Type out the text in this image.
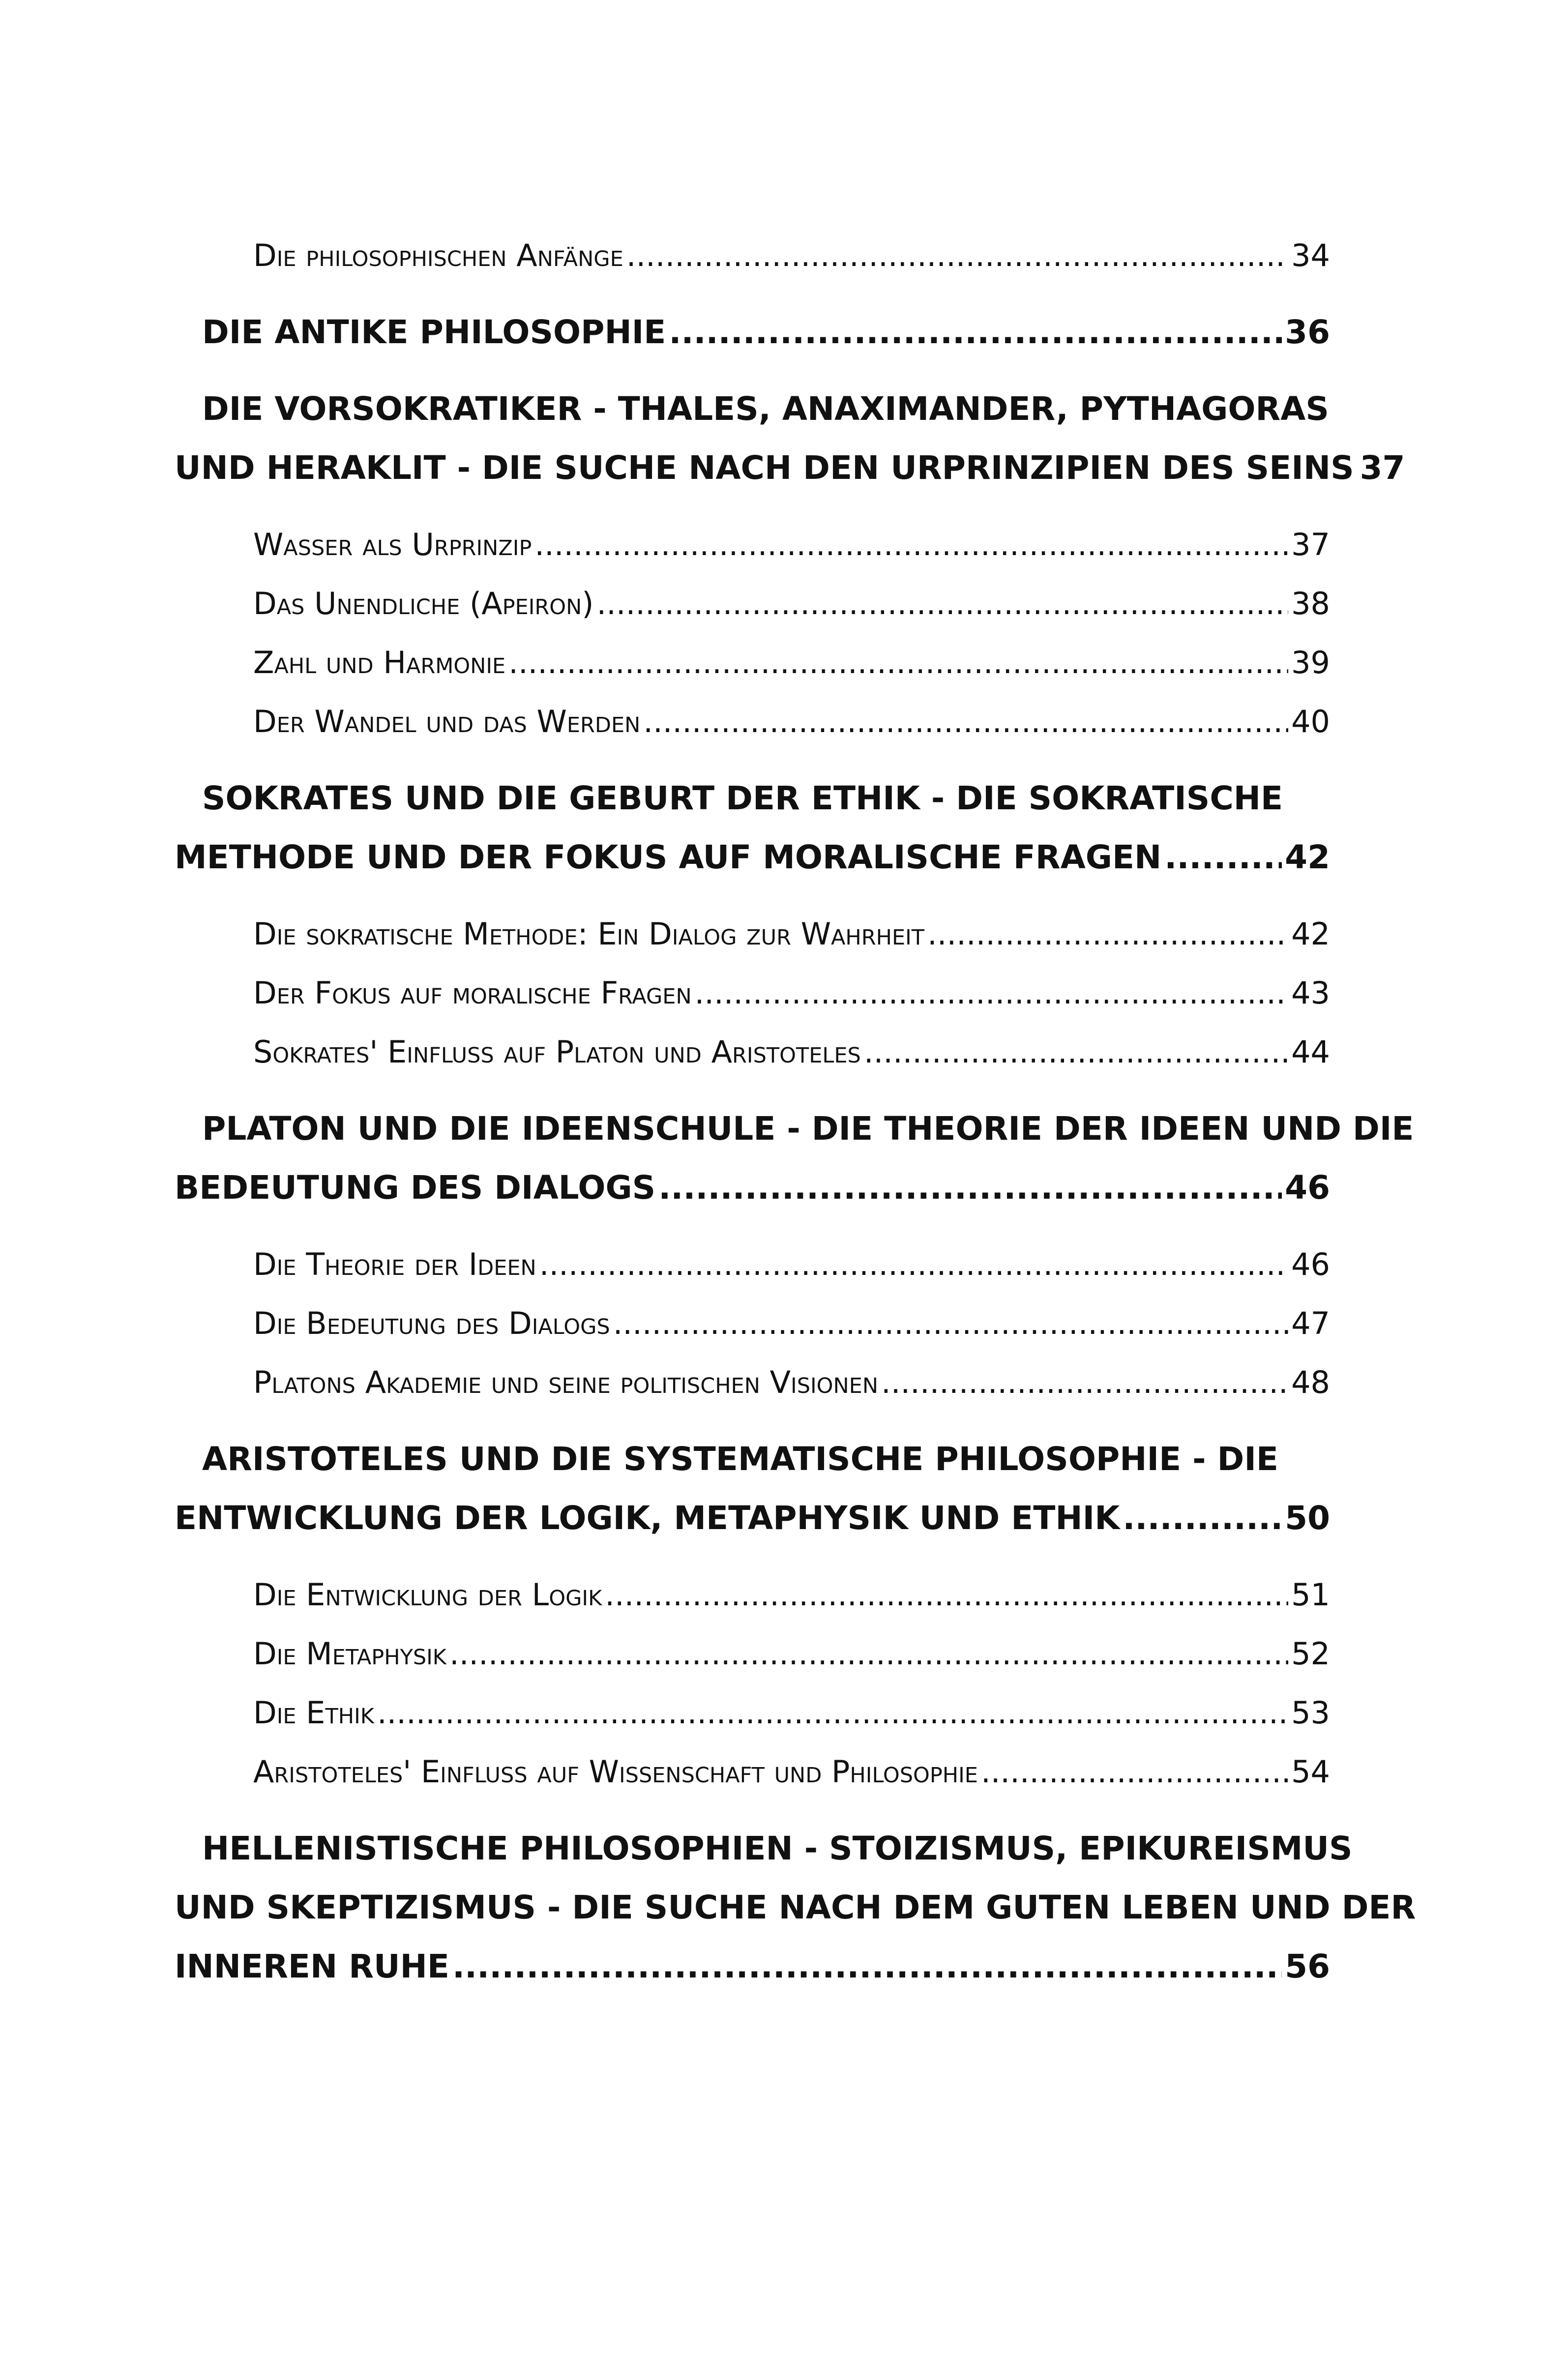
Die philosophischen Anfänge .....	34
DIE ANTIKE PHILOSOPHIE .....	36
DIE VORSOKRATIKER - THALES, ANAXIMANDER, PYTHAGORAS
UND HERAKLIT - DIE SUCHE NACH DEN URPRINZIPIEN DES SEINS 37
Wasser als Urprinzip .....	37
Das Unendliche (Apeiron) .....	38
Zahl und Harmonie .....	39
Der Wandel und das Werden .....	40
SOKRATES UND DIE GEBURT DER ETHIK - DIE SOKRATISCHE
METHODE UND DER FOKUS AUF MORALISCHE FRAGEN .....	42
Die sokratische Methode: Ein Dialog zur Wahrheit .....	42
Der Fokus auf moralische Fragen .....	43
Sokrates' Einfluss auf Platon und Aristoteles .....	44
PLATON UND DIE IDEENSCHULE - DIE THEORIE DER IDEEN UND DIE
BEDEUTUNG DES DIALOGS .....	46
Die Theorie der Ideen .....	46
Die Bedeutung des Dialogs .....	47
Platons Akademie und seine politischen Visionen .....	48
ARISTOTELES UND DIE SYSTEMATISCHE PHILOSOPHIE - DIE
ENTWICKLUNG DER LOGIK, METAPHYSIK UND ETHIK .....	50
Die Entwicklung der Logik .....	51
Die Metaphysik .....	52
Die Ethik .....	53
Aristoteles' Einfluss auf Wissenschaft und Philosophie .....	54
HELLENISTISCHE PHILOSOPHIEN - STOIZISMUS, EPIKUREISMUS
UND SKEPTIZISMUS - DIE SUCHE NACH DEM GUTEN LEBEN UND DER
INNEREN RUHE .....	56
